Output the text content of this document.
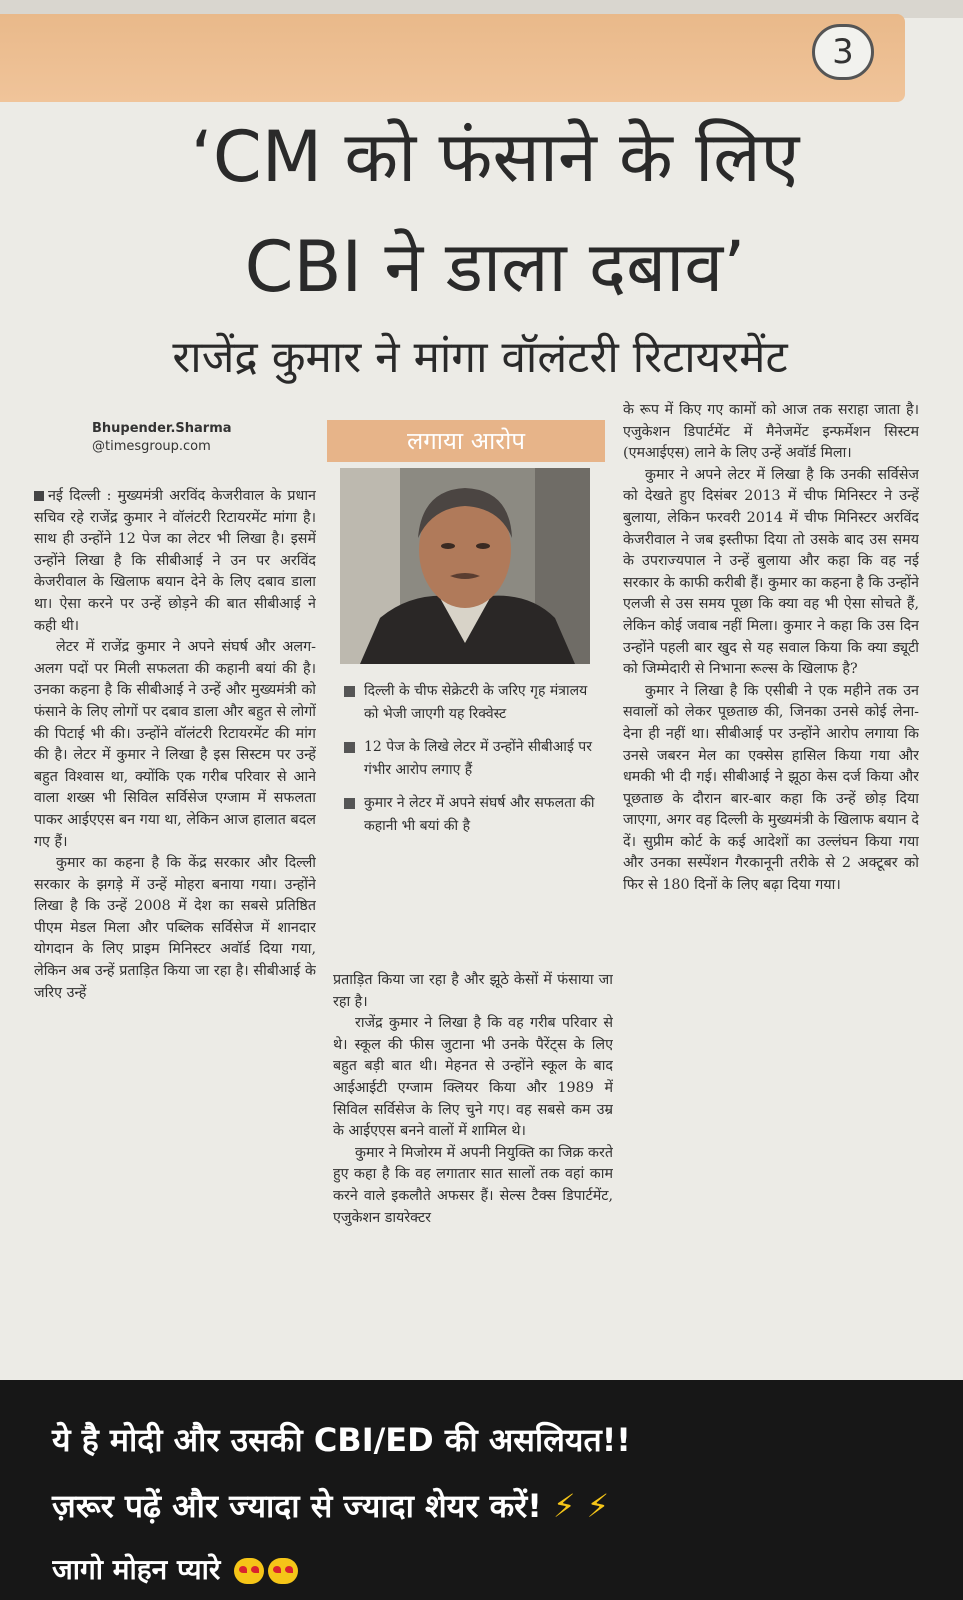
3
‘CM को फंसाने के लिए
CBI ने डाला दबाव’
राजेंद्र कुमार ने मांगा वॉलंटरी रिटायरमेंट
Bhupender.Sharma
@timesgroup.com

नई दिल्ली : मुख्यमंत्री अरविंद केजरीवाल के प्रधान सचिव रहे राजेंद्र कुमार ने वॉलंटरी रिटायरमेंट मांगा है। साथ ही उन्होंने 12 पेज का लेटर भी लिखा है। इसमें उन्होंने लिखा है कि सीबीआई ने उन पर अरविंद केजरीवाल के खिलाफ बयान देने के लिए दबाव डाला था। ऐसा करने पर उन्हें छोड़ने की बात सीबीआई ने कही थी।

लेटर में राजेंद्र कुमार ने अपने संघर्ष और अलग-अलग पदों पर मिली सफलता की कहानी बयां की है। उनका कहना है कि सीबीआई ने उन्हें और मुख्यमंत्री को फंसाने के लिए लोगों पर दबाव डाला और बहुत से लोगों की पिटाई भी की। उन्होंने वॉलंटरी रिटायरमेंट की मांग की है। लेटर में कुमार ने लिखा है इस सिस्टम पर उन्हें बहुत विश्वास था, क्योंकि एक गरीब परिवार से आने वाला शख्स भी सिविल सर्विसेज एग्जाम में सफलता पाकर आईएएस बन गया था, लेकिन आज हालात बदल गए हैं।

कुमार का कहना है कि केंद्र सरकार और दिल्ली सरकार के झगड़े में उन्हें मोहरा बनाया गया। उन्होंने लिखा है कि उन्हें 2008 में देश का सबसे प्रतिष्ठित पीएम मेडल मिला और पब्लिक सर्विसेज में शानदार योगदान के लिए प्राइम मिनिस्टर अवॉर्ड दिया गया, लेकिन अब उन्हें प्रताड़ित किया जा रहा है। सीबीआई के जरिए उन्हें

लगाया आरोप
दिल्ली के चीफ सेक्रेटरी के जरिए गृह मंत्रालय को भेजी जाएगी यह रिक्वेस्ट
12 पेज के लिखे लेटर में उन्होंने सीबीआई पर गंभीर आरोप लगाए हैं
कुमार ने लेटर में अपने संघर्ष और सफलता की कहानी भी बयां की है

प्रताड़ित किया जा रहा है और झूठे केसों में फंसाया जा रहा है।

राजेंद्र कुमार ने लिखा है कि वह गरीब परिवार से थे। स्कूल की फीस जुटाना भी उनके पैरेंट्स के लिए बहुत बड़ी बात थी। मेहनत से उन्होंने स्कूल के बाद आईआईटी एग्जाम क्लियर किया और 1989 में सिविल सर्विसेज के लिए चुने गए। वह सबसे कम उम्र के आईएएस बनने वालों में शामिल थे।

कुमार ने मिजोरम में अपनी नियुक्ति का जिक्र करते हुए कहा है कि वह लगातार सात सालों तक वहां काम करने वाले इकलौते अफसर हैं। सेल्स टैक्स डिपार्टमेंट, एजुकेशन डायरेक्टर

के रूप में किए गए कामों को आज तक सराहा जाता है। एजुकेशन डिपार्टमेंट में मैनेजमेंट इन्फर्मेशन सिस्टम (एमआईएस) लाने के लिए उन्हें अवॉर्ड मिला।

कुमार ने अपने लेटर में लिखा है कि उनकी सर्विसेज को देखते हुए दिसंबर 2013 में चीफ मिनिस्टर ने उन्हें बुलाया, लेकिन फरवरी 2014 में चीफ मिनिस्टर अरविंद केजरीवाल ने जब इस्तीफा दिया तो उसके बाद उस समय के उपराज्यपाल ने उन्हें बुलाया और कहा कि वह नई सरकार के काफी करीबी हैं। कुमार का कहना है कि उन्होंने एलजी से उस समय पूछा कि क्या वह भी ऐसा सोचते हैं, लेकिन कोई जवाब नहीं मिला। कुमार ने कहा कि उस दिन उन्होंने पहली बार खुद से यह सवाल किया कि क्या ड्यूटी को जिम्मेदारी से निभाना रूल्स के खिलाफ है?

कुमार ने लिखा है कि एसीबी ने एक महीने तक उन सवालों को लेकर पूछताछ की, जिनका उनसे कोई लेना-देना ही नहीं था। सीबीआई पर उन्होंने आरोप लगाया कि उनसे जबरन मेल का एक्सेस हासिल किया गया और धमकी भी दी गई। सीबीआई ने झूठा केस दर्ज किया और पूछताछ के दौरान बार-बार कहा कि उन्हें छोड़ दिया जाएगा, अगर वह दिल्ली के मुख्यमंत्री के खिलाफ बयान दे दें। सुप्रीम कोर्ट के कई आदेशों का उल्लंघन किया गया और उनका सस्पेंशन गैरकानूनी तरीके से 2 अक्टूबर को फिर से 180 दिनों के लिए बढ़ा दिया गया।

ये है मोदी और उसकी CBI/ED की असलियत!!
ज़रूर पढ़ें और ज्यादा से ज्यादा शेयर करें! ⚡ ⚡
जागो मोहन प्यारे
